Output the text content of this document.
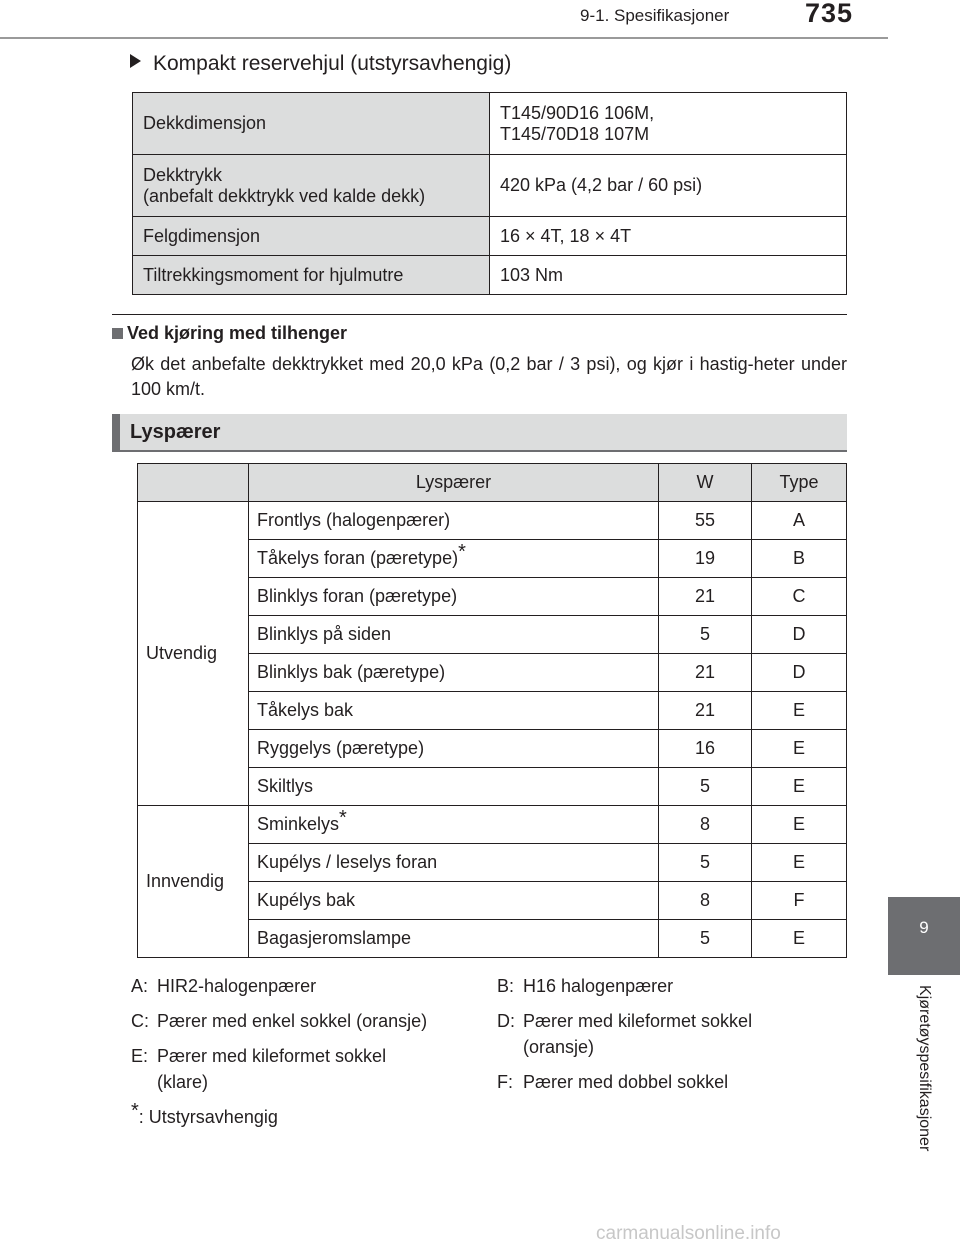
9-1. Spesifikasjoner	735
9
Kjøretøyspesifikasjoner
Kompakt reservehjul (utstyrsavhengig)
Dekkdimensjon	T145/90D16 106M,
T145/70D18 107M
Dekktrykk
(anbefalt dekktrykk ved kalde dekk)	420 kPa (4,2 bar / 60 psi)
Felgdimensjon	16 × 4T, 18 × 4T
Tiltrekkingsmoment for hjulmutre	103 Nm
Ved kjøring med tilhenger
Øk det anbefalte dekktrykket med 20,0 kPa (0,2 bar / 3 psi), og kjør i hastig-heter under 100 km/t.
Lyspærer
	Lyspærer	W	Type
Utvendig	Frontlys (halogenpærer)	55	A
	Tåkelys foran (pæretype)*	19	B
	Blinklys foran (pæretype)	21	C
	Blinklys på siden	5	D
	Blinklys bak (pæretype)	21	D
	Tåkelys bak	21	E
	Ryggelys (pæretype)	16	E
	Skiltlys	5	E
Innvendig	Sminkelys*	8	E
	Kupélys / leselys foran	5	E
	Kupélys bak	8	F
	Bagasjeromslampe	5	E
A: HIR2-halogenpærer	B: H16 halogenpærer
C: Pærer med enkel sokkel (oransje)	D: Pærer med kileformet sokkel
(oransje)
E: Pærer med kileformet sokkel
(klare)	F: Pærer med dobbel sokkel
*: Utstyrsavhengig
carmanualsonline.info
